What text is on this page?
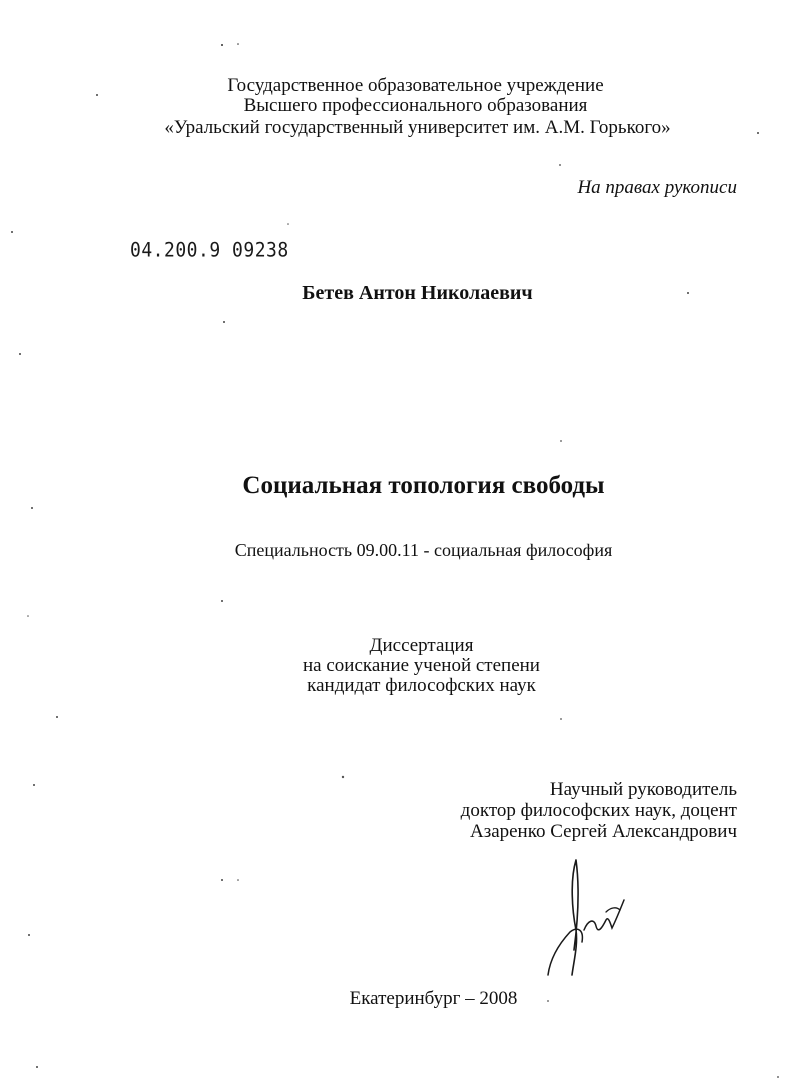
Государственное образовательное учреждение
Высшего профессионального образования
«Уральский государственный университет им. А.М. Горького»
На правах рукописи
04.200.9 09238
Бетев Антон Николаевич
Социальная топология свободы
Специальность 09.00.11 - социальная философия
Диссертация
на соискание ученой степени
кандидат философских наук
Научный руководитель
доктор философских наук, доцент
Азаренко Сергей Александрович
Екатеринбург – 2008
